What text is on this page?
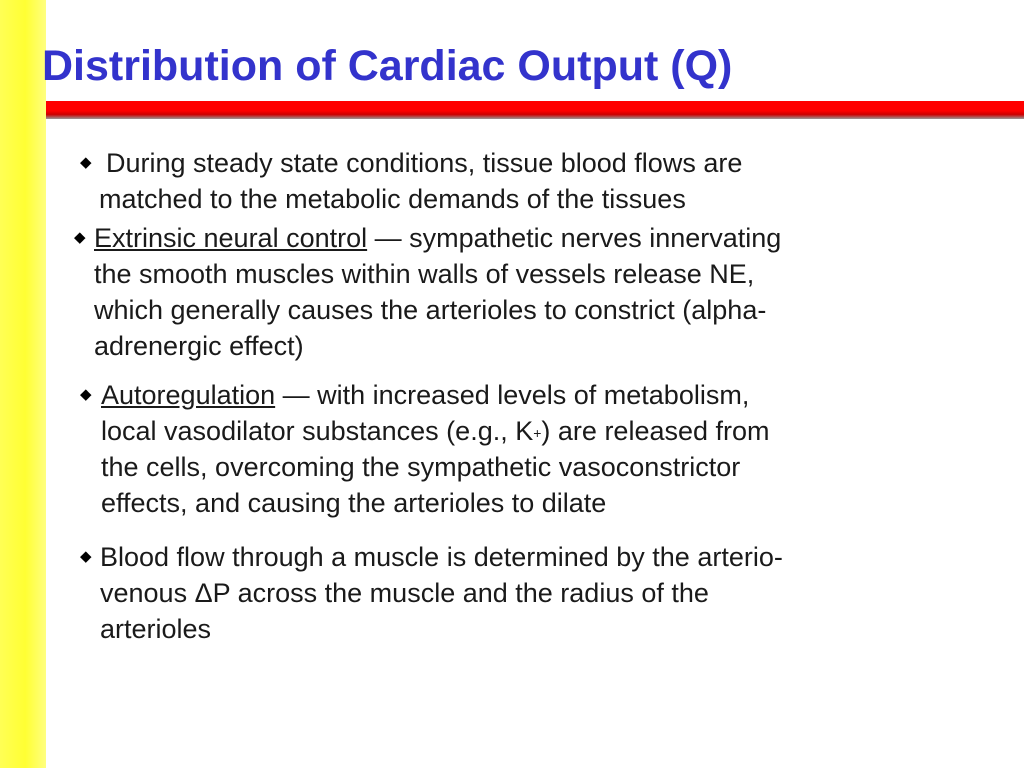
Distribution of Cardiac Output (Q)
◆ During steady state conditions, tissue blood flows are
matched to the metabolic demands of the tissues
◆ Extrinsic neural control — sympathetic nerves innervating
the smooth muscles within walls of vessels release NE,
which generally causes the arterioles to constrict (alpha-
adrenergic effect)
◆ Autoregulation — with increased levels of metabolism,
local vasodilator substances (e.g., K+) are released from
the cells, overcoming the sympathetic vasoconstrictor
effects, and causing the arterioles to dilate
◆ Blood flow through a muscle is determined by the arterio-
venous ΔP across the muscle and the radius of the
arterioles
